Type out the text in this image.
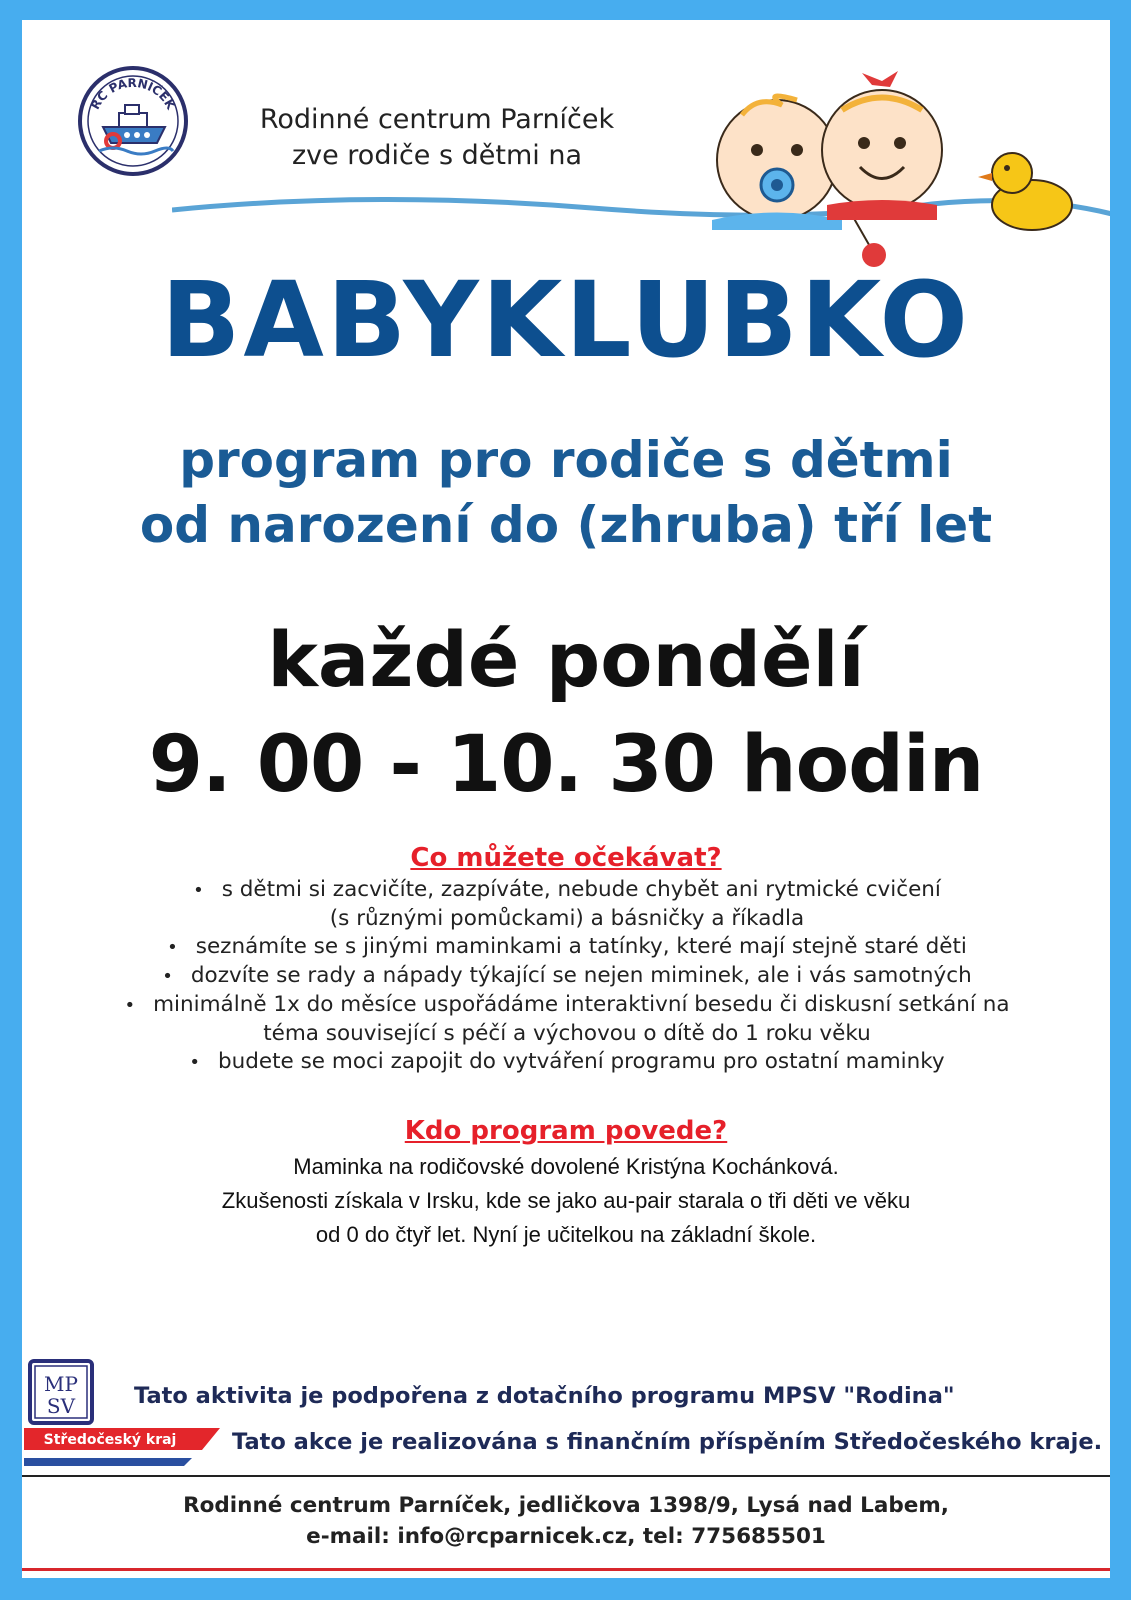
RC PARNÍČEK	Rodinné centrum Parníček
zve rodiče s dětmi na
BABYKLUBKO
program pro rodiče s dětmi
od narození do (zhruba) tří let
každé pondělí
9. 00 - 10. 30 hodin
Co můžete očekávat?
• s dětmi si zacvičíte, zazpíváte, nebude chybět ani rytmické cvičení
(s různými pomůckami) a básničky a říkadla
• seznámíte se s jinými maminkami a tatínky, které mají stejně staré děti
• dozvíte se rady a nápady týkající se nejen miminek, ale i vás samotných
• minimálně 1x do měsíce uspořádáme interaktivní besedu či diskusní setkání na
téma související s péčí a výchovou o dítě do 1 roku věku
• budete se moci zapojit do vytváření programu pro ostatní maminky
Kdo program povede?
Maminka na rodičovské dovolené Kristýna Kochánková.
Zkušenosti získala v Irsku, kde se jako au-pair starala o tři děti ve věku
od 0 do čtyř let. Nyní je učitelkou na základní škole.
MP
SV	Tato aktivita je podpořena z dotačního programu MPSV "Rodina"
Středočeský kraj Tato akce je realizována s finančním příspěním Středočeského kraje.
Rodinné centrum Parníček, jedličkova 1398/9, Lysá nad Labem,
e-mail: info@rcparnicek.cz, tel: 775685501
